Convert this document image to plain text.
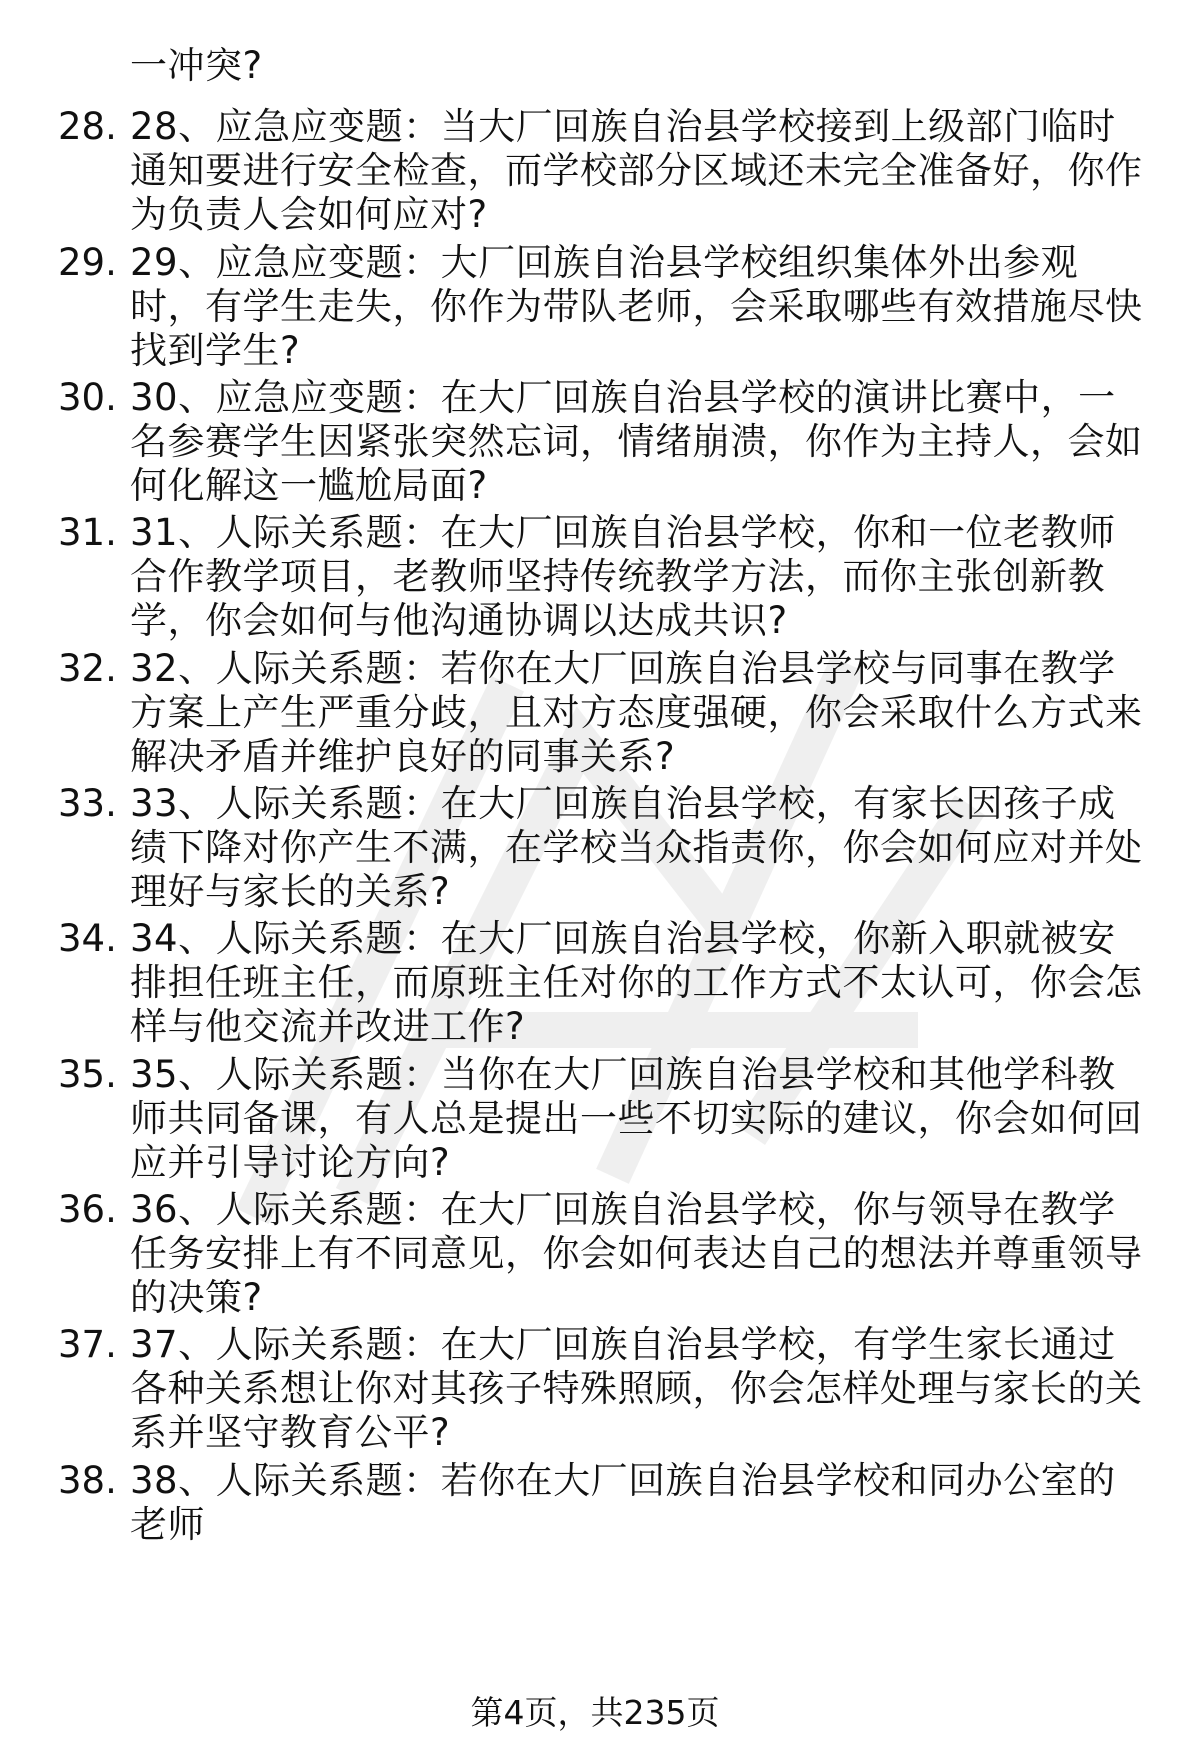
一冲突?
28. 28、应急应变题：当大厂回族自治县学校接到上级部门临时通知要进行安全检查，而学校部分区域还未完全准备好，你作为负责人会如何应对?
29. 29、应急应变题：大厂回族自治县学校组织集体外出参观时，有学生走失，你作为带队老师，会采取哪些有效措施尽快找到学生?
30. 30、应急应变题：在大厂回族自治县学校的演讲比赛中，一名参赛学生因紧张突然忘词，情绪崩溃，你作为主持人，会如何化解这一尴尬局面?
31. 31、人际关系题：在大厂回族自治县学校，你和一位老教师合作教学项目，老教师坚持传统教学方法，而你主张创新教学，你会如何与他沟通协调以达成共识?
32. 32、人际关系题：若你在大厂回族自治县学校与同事在教学方案上产生严重分歧，且对方态度强硬，你会采取什么方式来解决矛盾并维护良好的同事关系?
33. 33、人际关系题：在大厂回族自治县学校，有家长因孩子成绩下降对你产生不满，在学校当众指责你，你会如何应对并处理好与家长的关系?
34. 34、人际关系题：在大厂回族自治县学校，你新入职就被安排担任班主任，而原班主任对你的工作方式不太认可，你会怎样与他交流并改进工作?
35. 35、人际关系题：当你在大厂回族自治县学校和其他学科教师共同备课，有人总是提出一些不切实际的建议，你会如何回应并引导讨论方向?
36. 36、人际关系题：在大厂回族自治县学校，你与领导在教学任务安排上有不同意见，你会如何表达自己的想法并尊重领导的决策?
37. 37、人际关系题：在大厂回族自治县学校，有学生家长通过各种关系想让你对其孩子特殊照顾，你会怎样处理与家长的关系并坚守教育公平?
38. 38、人际关系题：若你在大厂回族自治县学校和同办公室的老师
第4页，共235页
